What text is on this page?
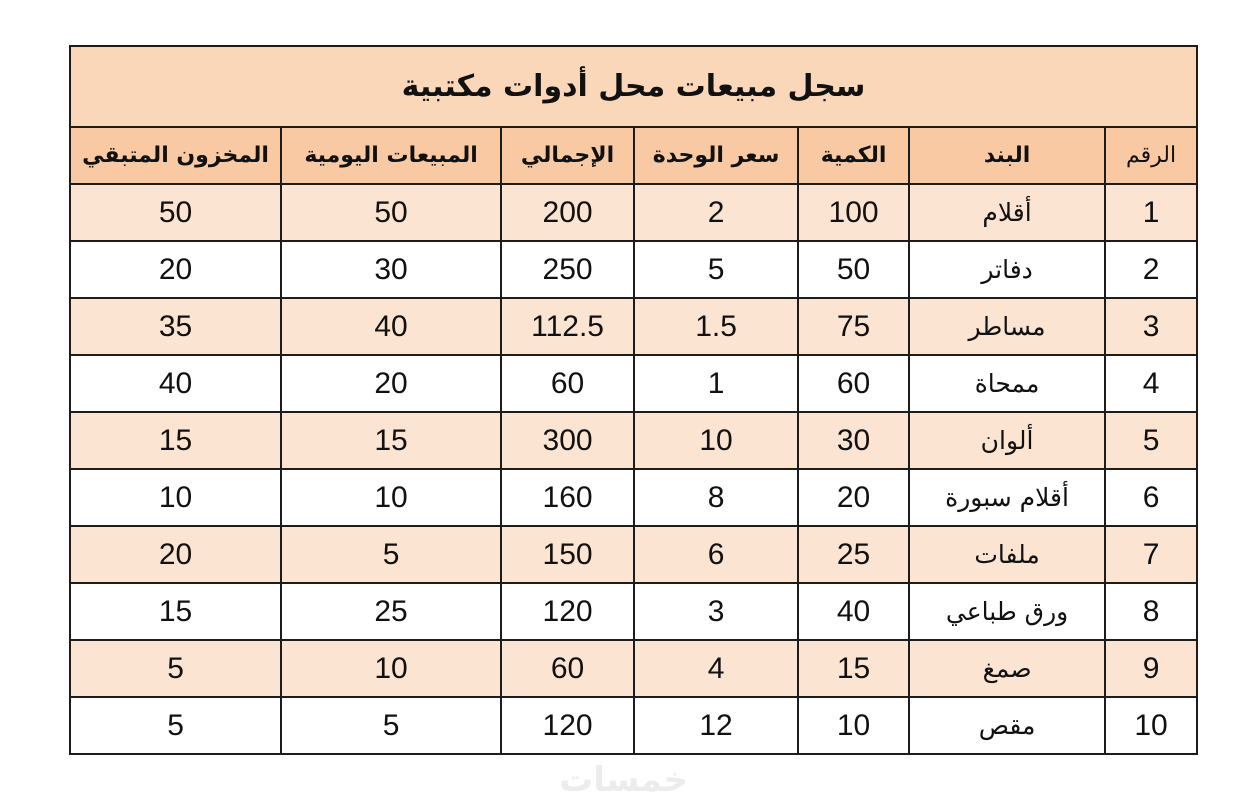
سجل مبيعات محل أدوات مكتبية						
الرقم	البند	الكمية	سعر الوحدة	الإجمالي	المبيعات اليومية	المخزون المتبقي
1	أقلام	100	2	200	50	50
2	دفاتر	50	5	250	30	20
3	مساطر	75	1.5	112.5	40	35
4	ممحاة	60	1	60	20	40
5	ألوان	30	10	300	15	15
6	أقلام سبورة	20	8	160	10	10
7	ملفات	25	6	150	5	20
8	ورق طباعي	40	3	120	25	15
9	صمغ	15	4	60	10	5
10	مقص	10	12	120	5	5
خمسات
